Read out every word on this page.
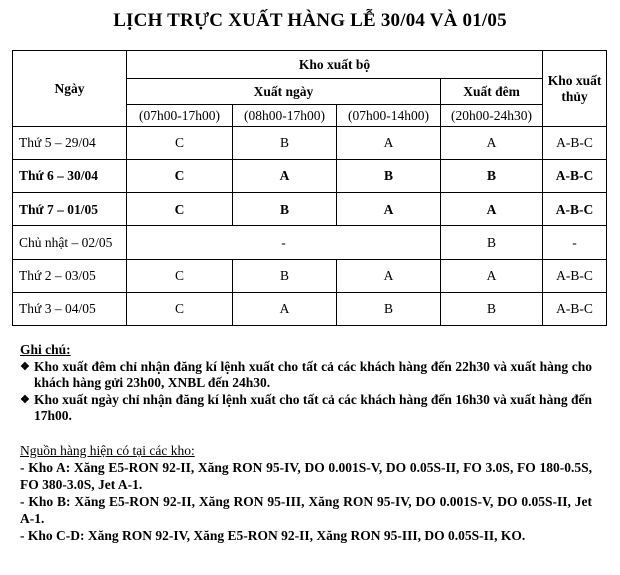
LỊCH TRỰC XUẤT HÀNG LỄ 30/04 VÀ 01/05
Ngày	Kho xuất bộ				Kho xuất thủy
	Xuất ngày			Xuất đêm	
	(07h00-17h00)	(08h00-17h00)	(07h00-14h00)	(20h00-24h30)	
Thứ 5 – 29/04	C	B	A	A	A-B-C
Thứ 6 – 30/04	C	A	B	B	A-B-C
Thứ 7 – 01/05	C	B	A	A	A-B-C
Chủ nhật – 02/05	-			B	-
Thứ 2 – 03/05	C	B	A	A	A-B-C
Thứ 3 – 04/05	C	A	B	B	A-B-C
Ghi chú:
❖ Kho xuất đêm chỉ nhận đăng kí lệnh xuất cho tất cả các khách hàng đến 22h30 và xuất hàng cho khách hàng gửi 23h00, XNBL đến 24h30.
❖ Kho xuất ngày chỉ nhận đăng kí lệnh xuất cho tất cả các khách hàng đến 16h30 và xuất hàng đến 17h00.
Nguồn hàng hiện có tại các kho:
- Kho A: Xăng E5-RON 92-II, Xăng RON 95-IV, DO 0.001S-V, DO 0.05S-II, FO 3.0S, FO 180-0.5S, FO 380-3.0S, Jet A-1.
- Kho B: Xăng E5-RON 92-II, Xăng RON 95-III, Xăng RON 95-IV, DO 0.001S-V, DO 0.05S-II, Jet A-1.
- Kho C-D: Xăng RON 92-IV, Xăng E5-RON 92-II, Xăng RON 95-III, DO 0.05S-II, KO.
